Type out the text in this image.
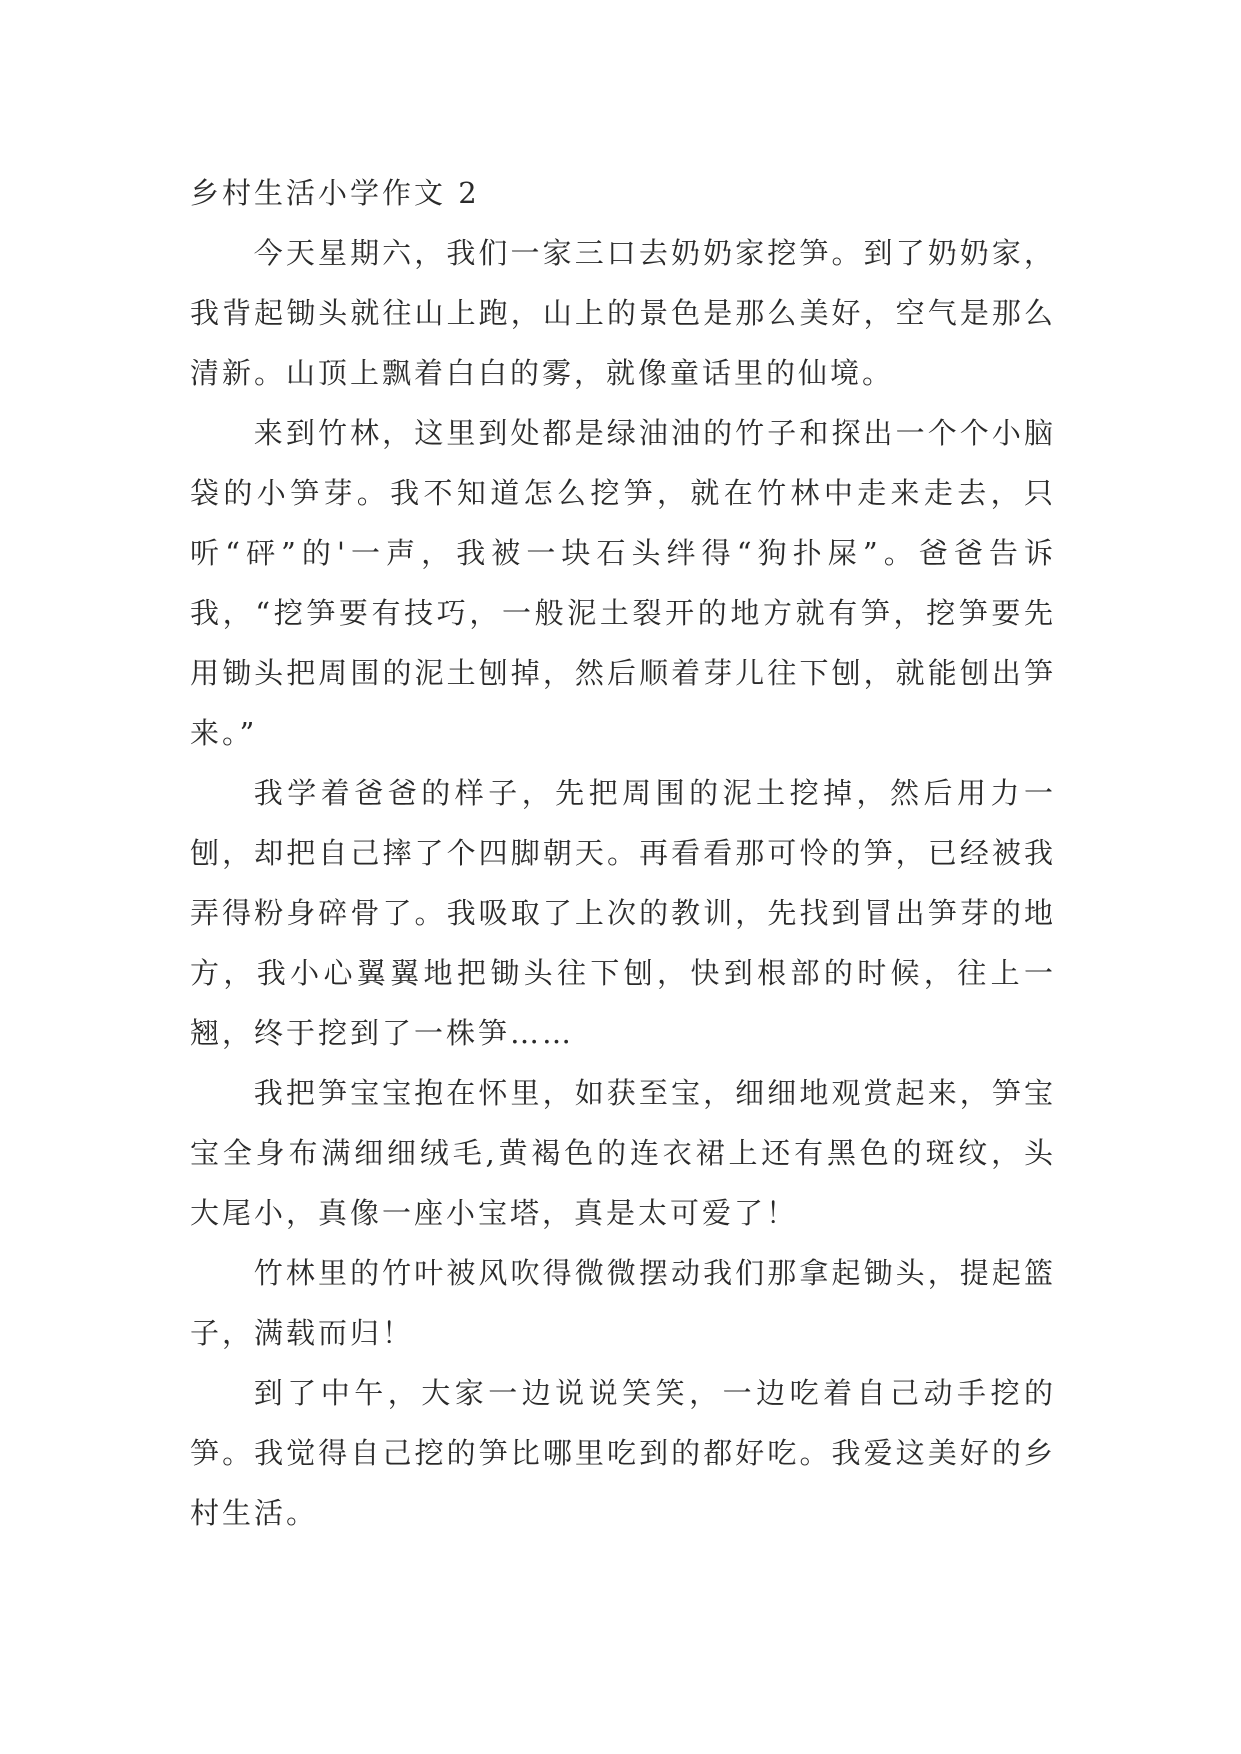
乡村生活小学作文 2

今天星期六，我们一家三口去奶奶家挖笋。到了奶奶家，我背起锄头就往山上跑，山上的景色是那么美好，空气是那么清新。山顶上飘着白白的雾，就像童话里的仙境。

来到竹林，这里到处都是绿油油的竹子和探出一个个小脑袋的小笋芽。我不知道怎么挖笋，就在竹林中走来走去，只听“砰”的'一声，我被一块石头绊得“狗扑屎”。爸爸告诉我，“挖笋要有技巧，一般泥土裂开的地方就有笋，挖笋要先用锄头把周围的泥土刨掉，然后顺着芽儿往下刨，就能刨出笋来。”

我学着爸爸的样子，先把周围的泥土挖掉，然后用力一刨，却把自己摔了个四脚朝天。再看看那可怜的笋，已经被我弄得粉身碎骨了。我吸取了上次的教训，先找到冒出笋芽的地方，我小心翼翼地把锄头往下刨，快到根部的时候，往上一翘，终于挖到了一株笋……

我把笋宝宝抱在怀里，如获至宝，细细地观赏起来，笋宝宝全身布满细细绒毛,黄褐色的连衣裙上还有黑色的斑纹，头大尾小，真像一座小宝塔，真是太可爱了！

竹林里的竹叶被风吹得微微摆动我们那拿起锄头，提起篮子，满载而归！

到了中午，大家一边说说笑笑，一边吃着自己动手挖的笋。我觉得自己挖的笋比哪里吃到的都好吃。我爱这美好的乡村生活。
